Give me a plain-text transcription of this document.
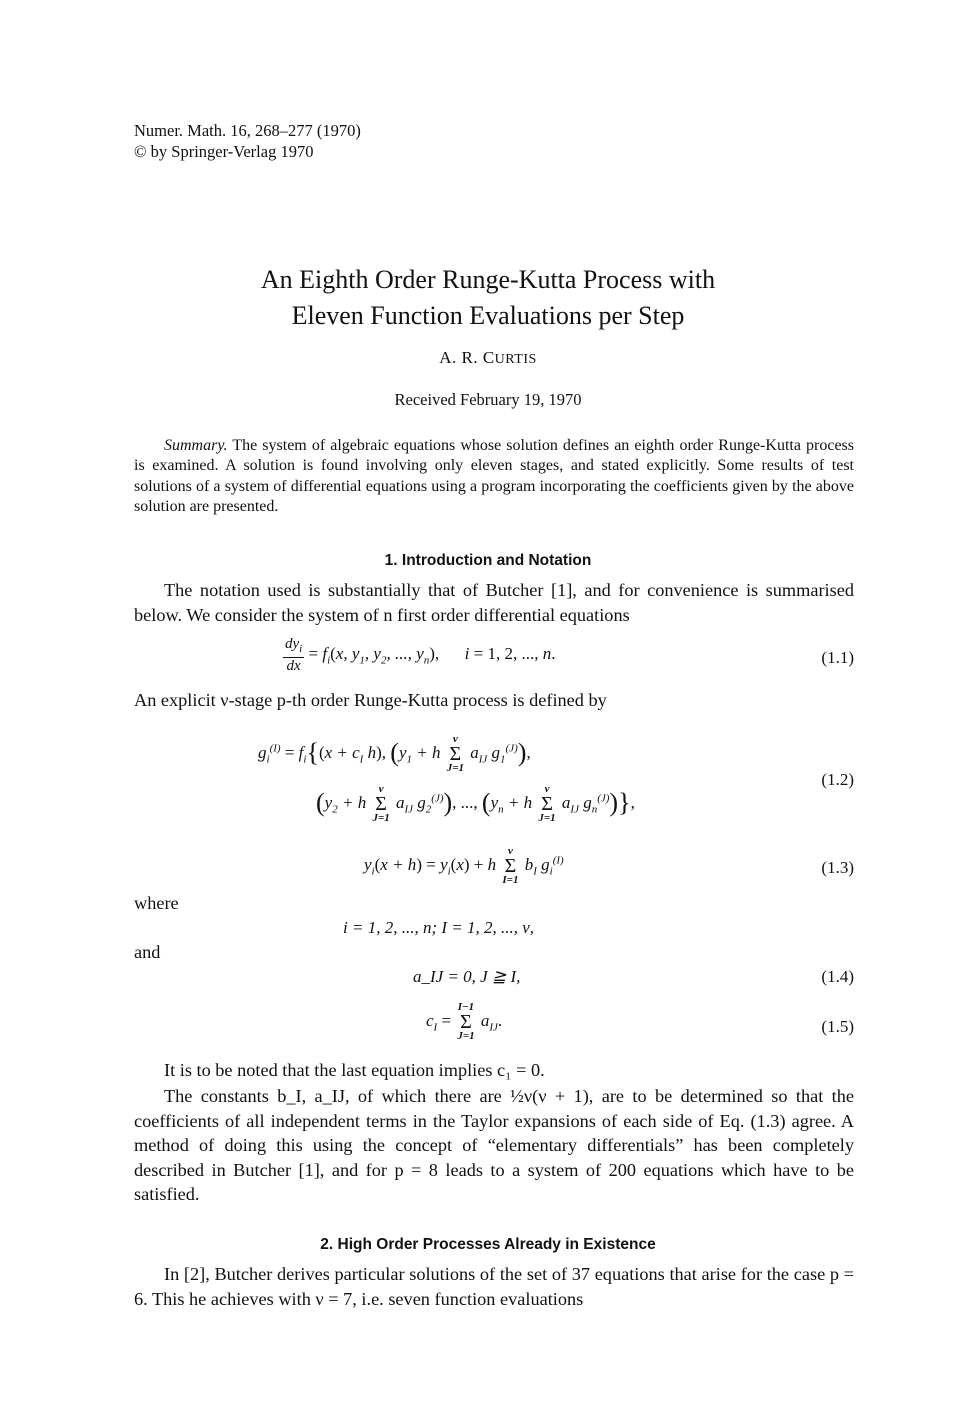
Numer. Math. 16, 268–277 (1970)
© by Springer-Verlag 1970
An Eighth Order Runge-Kutta Process with
Eleven Function Evaluations per Step
A. R. CURTIS
Received February 19, 1970
Summary. The system of algebraic equations whose solution defines an eighth order Runge-Kutta process is examined. A solution is found involving only eleven stages, and stated explicitly. Some results of test solutions of a system of differential equations using a program incorporating the coefficients given by the above solution are presented.
1. Introduction and Notation
The notation used is substantially that of Butcher [1], and for convenience is summarised below. We consider the system of n first order differential equations
$\frac{dy_i}{dx} = f_i(x$, $y_1$, $y_2$, ..., $y_n$),      i = 1, 2, ..., n.	(1.1)
An explicit ν-stage p-th order Runge-Kutta process is defined by
$g_i^{(I)} = f_i\{(x + c_I$ h), ($y_1 + h$
ν
Σ
J=1
$a_{IJ}$ $g_1^{(J)}$),
($y_2 + h$
ν
Σ
J=1
$a_{IJ}$ $g_2^{(J)}$), ..., ($y_n + h$
ν
Σ
J=1
$a_{IJ}$ $g_n^{(J)}$)},
(1.2)
$y_i(x + h) = y_i(x) + h$
ν
Σ
I=1
$b_I$ $g_i^{(I)}$	(1.3)
where
i = 1, 2, ..., n; I = 1, 2, ..., ν,
and
a_IJ = 0, J ≧ I,	(1.4)
$c_I$ =
I−1
Σ
J=1
$a_{IJ}$.	(1.5)
It is to be noted that the last equation implies c₁ = 0.
The constants b_I, a_IJ, of which there are ½ν(ν + 1), are to be determined so that the coefficients of all independent terms in the Taylor expansions of each side of Eq. (1.3) agree. A method of doing this using the concept of “elementary differentials” has been completely described in Butcher [1], and for p = 8 leads to a system of 200 equations which have to be satisfied.
2. High Order Processes Already in Existence
In [2], Butcher derives particular solutions of the set of 37 equations that arise for the case p = 6. This he achieves with ν = 7, i.e. seven function evaluations
